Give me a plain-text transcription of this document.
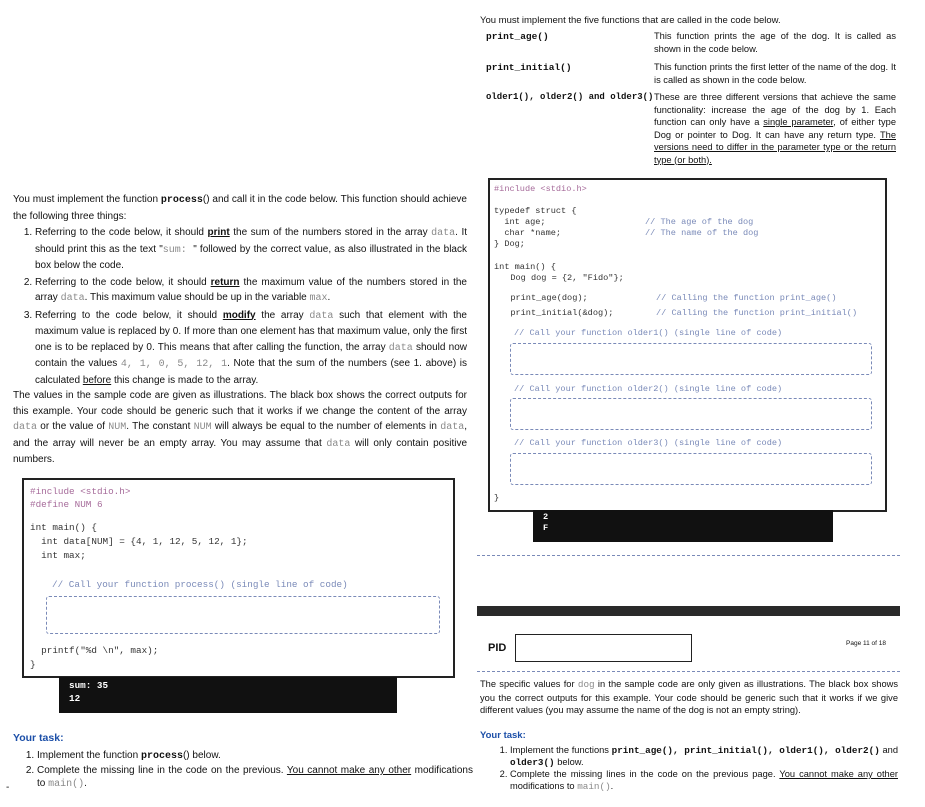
You must implement the function process() and call it in the code below. This function should achieve the following three things:
1. Referring to the code below, it should print the sum of the numbers stored in the array data. It should print this as the text "sum: " followed by the correct value, as also illustrated in the black box below the code.
2. Referring to the code below, it should return the maximum value of the numbers stored in the array data. This maximum value should be up in the variable max.
3. Referring to the code below, it should modify the array data such that element with the maximum value is replaced by 0. If more than one element has that maximum value, only the first one is to be replaced by 0. This means that after calling the function, the array data should now contain the values 4, 1, 0, 5, 12, 1. Note that the sum of the numbers (see 1. above) is calculated before this change is made to the array.
The values in the sample code are given as illustrations. The black box shows the correct outputs for this example. Your code should be generic such that it works if we change the content of the array data or the value of NUM. The constant NUM will always be equal to the number of elements in data, and the array will never be an empty array. You may assume that data will only contain positive numbers.
#include <stdio.h>
#define NUM 6
int main() {
int data[NUM] = {4, 1, 12, 5, 12, 1};
int max;
// Call your function process() (single line of code)
printf("%d \n", max);
}
sum: 35
12
Your task:
1. Implement the function process() below.
2. Complete the missing line in the code on the previous. You cannot make any other modifications to main().
-
You must implement the five functions that are called in the code below.
print_age()	This function prints the age of the dog. It is called as shown in the code below.
print_initial()	This function prints the first letter of the name of the dog. It is called as shown in the code below.
older1(), older2() and older3() These are three different versions that achieve the same functionality: increase the age of the dog by 1. Each function can only have a single parameter, of either type Dog or pointer to Dog. It can have any return type. The versions need to differ in the parameter type or the return type (or both).
#include <stdio.h>
typedef struct {
int age;	// The age of the dog
char *name;	// The name of the dog
} Dog;
int main() {
Dog dog = {2, "Fido"};
print_age(dog);	// Calling the function print_age()
print_initial(&dog);	// Calling the function print_initial()
// Call your function older1() (single line of code)
// Call your function older2() (single line of code)
// Call your function older3() (single line of code)
}
2
F
PID	Page 11 of 18
The specific values for dog in the sample code are only given as illustrations. The black box shows you the correct outputs for this example. Your code should be generic such that it works if we give different values (you may assume the name of the dog is not an empty string).
Your task:
1. Implement the functions print_age(), print_initial(), older1(), older2() and older3() below.
2. Complete the missing lines in the code on the previous page. You cannot make any other modifications to main().
